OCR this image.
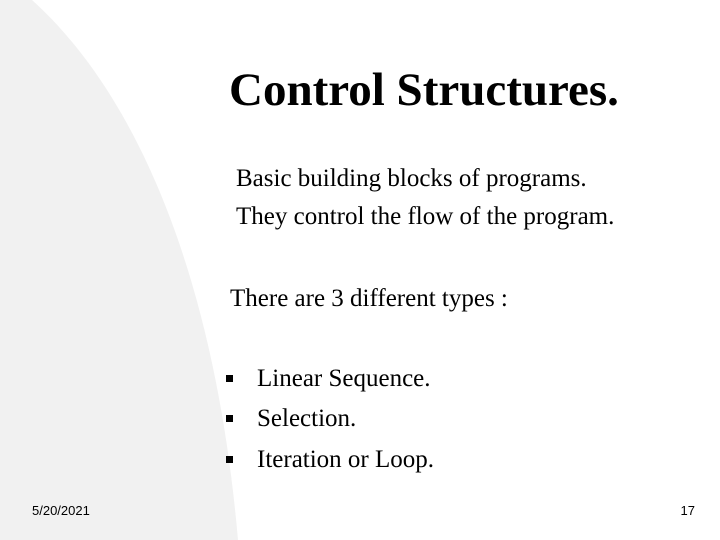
Control Structures.
Basic building blocks of programs.
They control the flow of the program.
There are 3 different types :
Linear Sequence.
Selection.
Iteration or Loop.
5/20/2021	17
